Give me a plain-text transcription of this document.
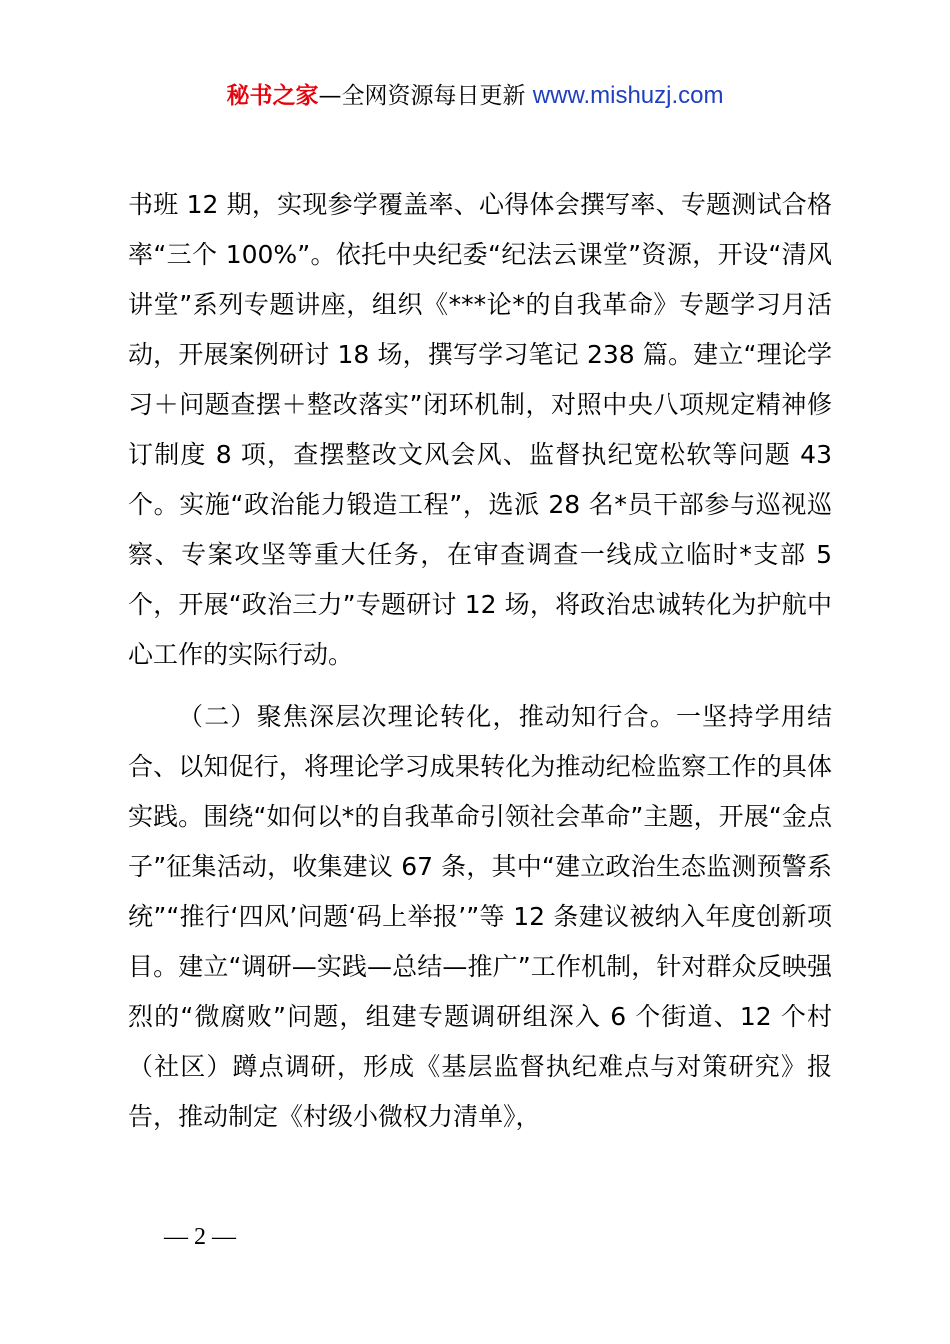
秘书之家—全网资源每日更新 www.mishuzj.com

书班 12 期，实现参学覆盖率、心得体会撰写率、专题测试合格率“三个 100%”。依托中央纪委“纪法云课堂”资源，开设“清风讲堂”系列专题讲座，组织《***论*的自我革命》专题学习月活动，开展案例研讨 18 场，撰写学习笔记 238 篇。建立“理论学习＋问题查摆＋整改落实”闭环机制，对照中央八项规定精神修订制度 8 项，查摆整改文风会风、监督执纪宽松软等问题 43 个。实施“政治能力锻造工程”，选派 28 名*员干部参与巡视巡察、专案攻坚等重大任务，在审查调查一线成立临时*支部 5 个，开展“政治三力”专题研讨 12 场，将政治忠诚转化为护航中心工作的实际行动。

（二）聚焦深层次理论转化，推动知行合。一坚持学用结合、以知促行，将理论学习成果转化为推动纪检监察工作的具体实践。围绕“如何以*的自我革命引领社会革命”主题，开展“金点子”征集活动，收集建议 67 条，其中“建立政治生态监测预警系统”“推行‘四风’问题‘码上举报’”等 12 条建议被纳入年度创新项目。建立“调研—实践—总结—推广”工作机制，针对群众反映强烈的“微腐败”问题，组建专题调研组深入 6 个街道、12 个村（社区）蹲点调研，形成《基层监督执纪难点与对策研究》报告，推动制定《村级小微权力清单》，

— 2 —
